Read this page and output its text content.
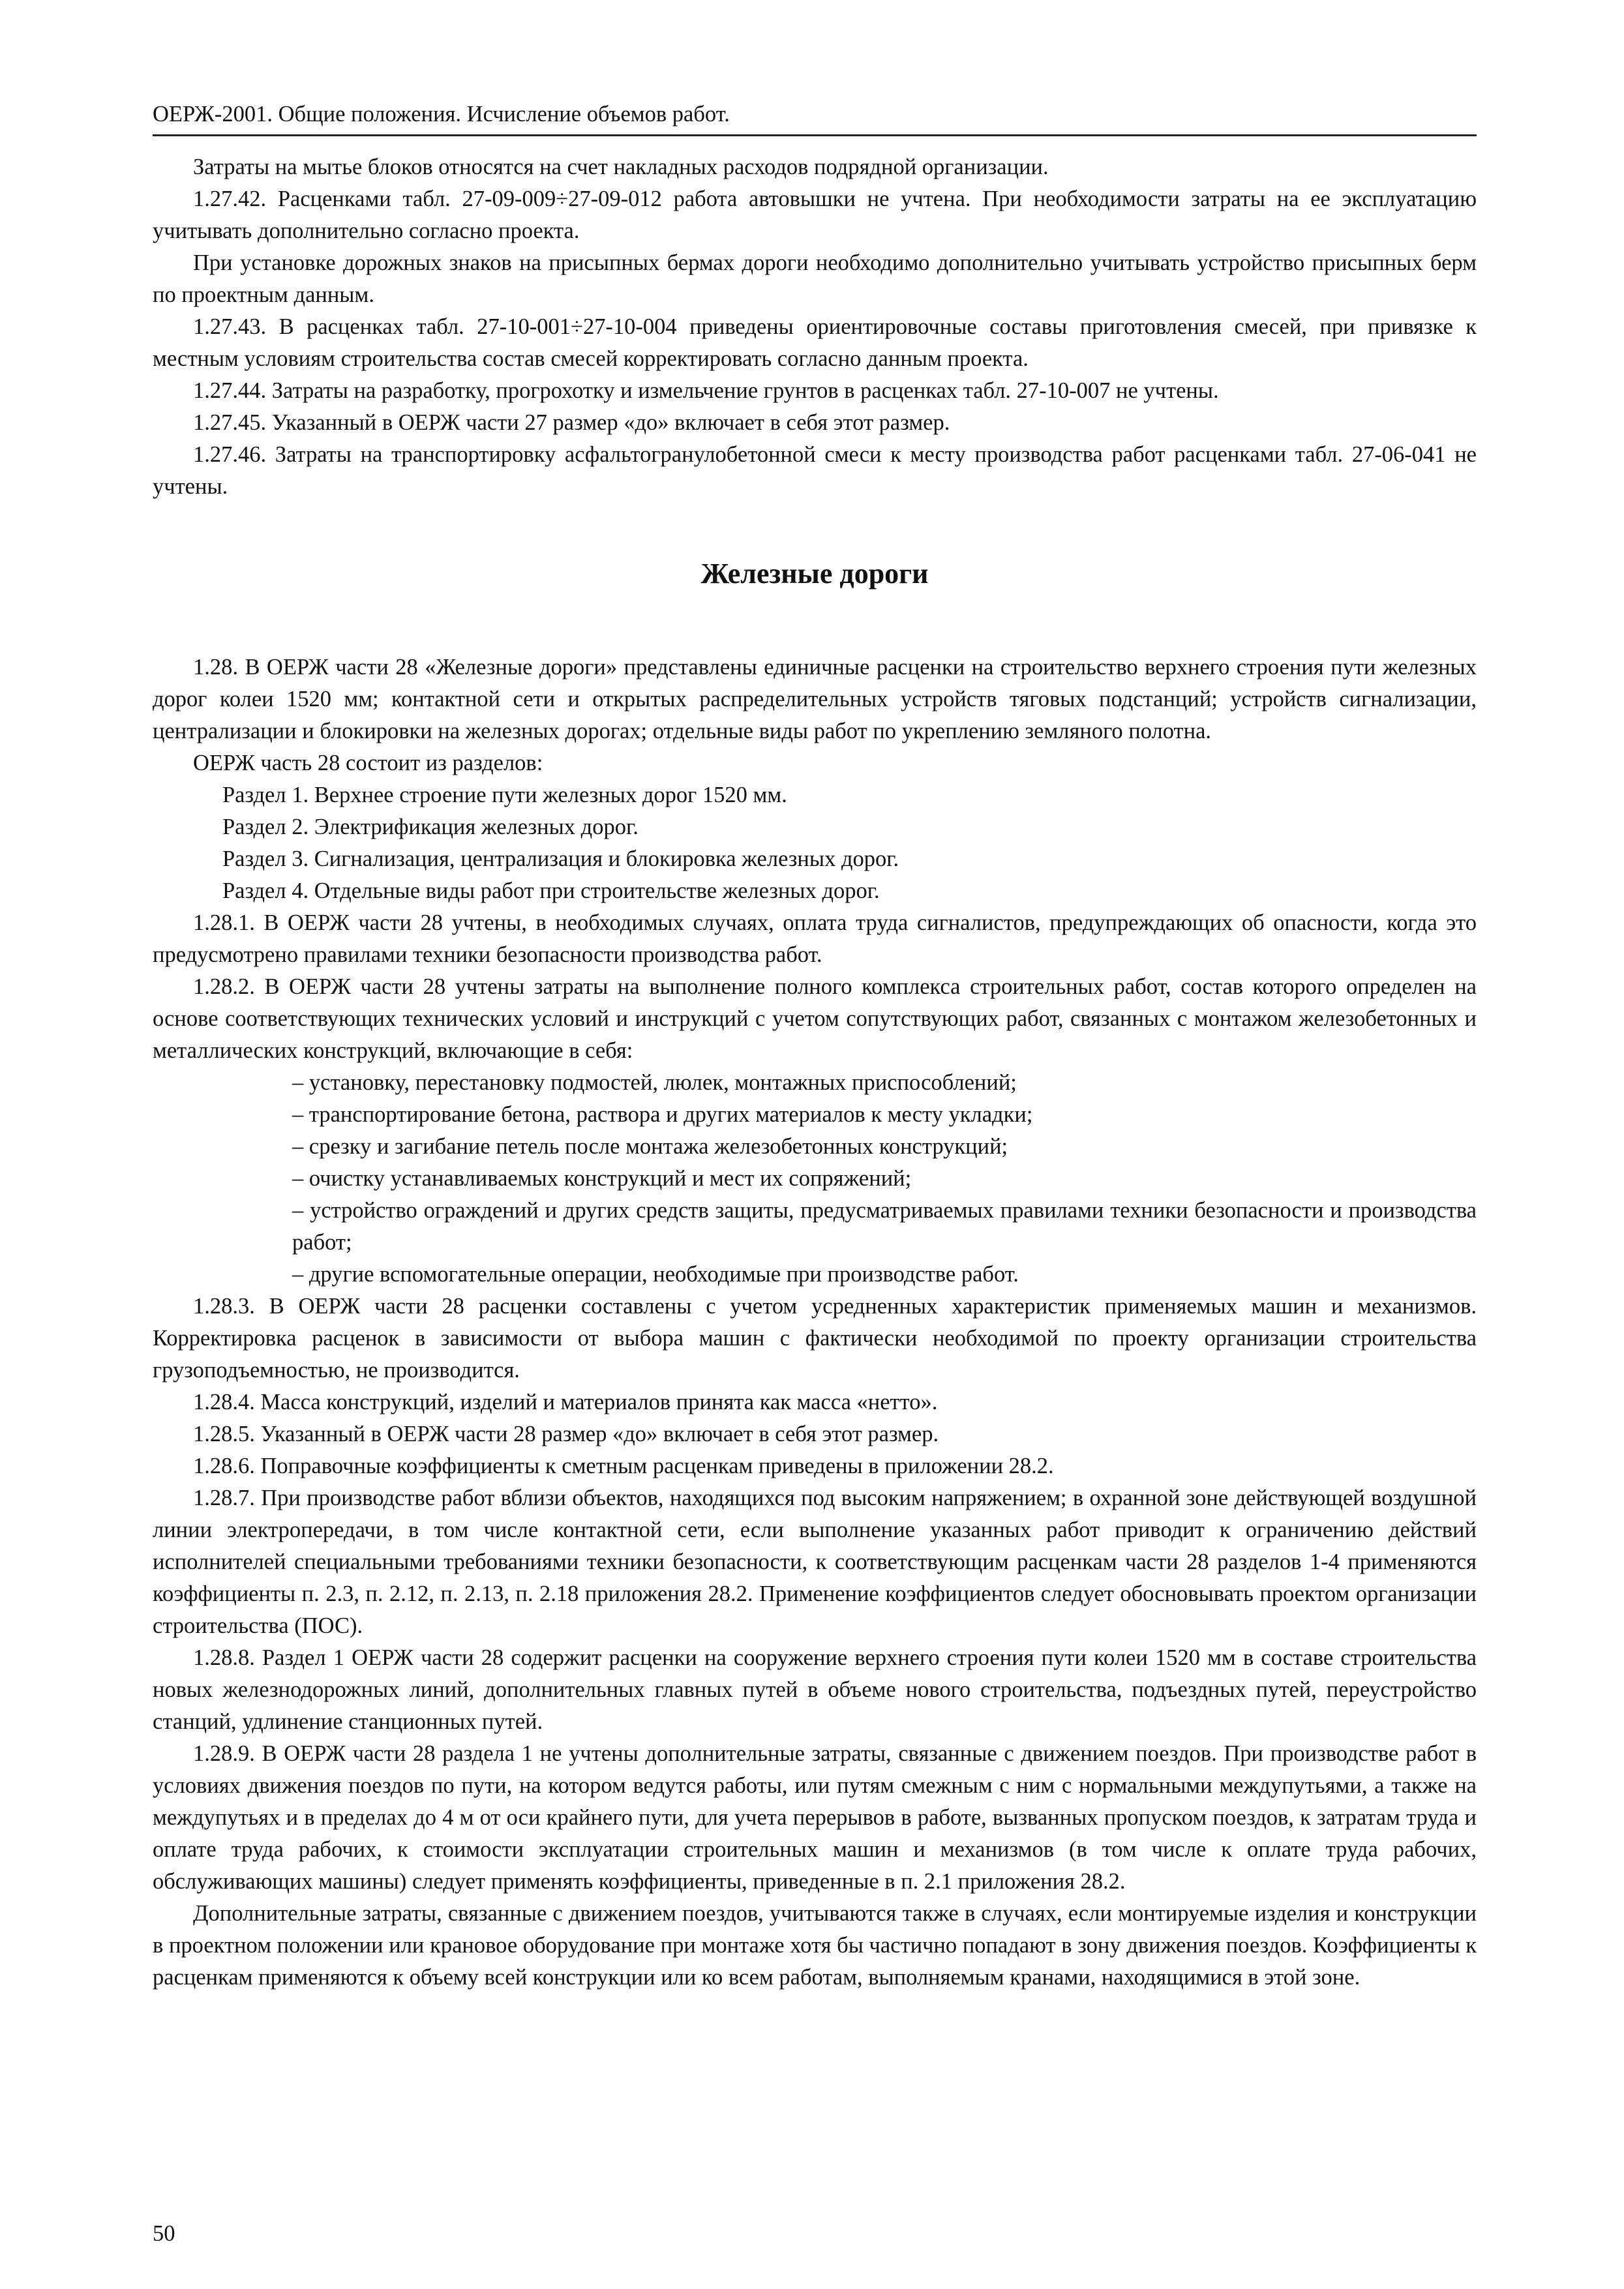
ОЕРЖ-2001. Общие положения. Исчисление объемов работ.

Затраты на мытье блоков относятся на счет накладных расходов подрядной организации.

1.27.42. Расценками табл. 27-09-009÷27-09-012 работа автовышки не учтена. При необходимости затраты на ее эксплуатацию учитывать дополнительно согласно проекта.

При установке дорожных знаков на присыпных бермах дороги необходимо дополнительно учитывать устройство присыпных берм по проектным данным.

1.27.43. В расценках табл. 27-10-001÷27-10-004 приведены ориентировочные составы приготовления смесей, при привязке к местным условиям строительства состав смесей корректировать согласно данным проекта.

1.27.44. Затраты на разработку, прогрохотку и измельчение грунтов в расценках табл. 27-10-007 не учтены.

1.27.45. Указанный в ОЕРЖ части 27 размер «до» включает в себя этот размер.

1.27.46. Затраты на транспортировку асфальтогранулобетонной смеси к месту производства работ расценками табл. 27-06-041 не учтены.

Железные дороги

1.28. В ОЕРЖ части 28 «Железные дороги» представлены единичные расценки на строительство верхнего строения пути железных дорог колеи 1520 мм; контактной сети и открытых распределительных устройств тяговых подстанций; устройств сигнализации, централизации и блокировки на железных дорогах; отдельные виды работ по укреплению земляного полотна.

ОЕРЖ часть 28 состоит из разделов:

Раздел 1. Верхнее строение пути железных дорог 1520 мм.

Раздел 2. Электрификация железных дорог.

Раздел 3. Сигнализация, централизация и блокировка железных дорог.

Раздел 4. Отдельные виды работ при строительстве железных дорог.

1.28.1. В ОЕРЖ части 28 учтены, в необходимых случаях, оплата труда сигналистов, предупреждающих об опасности, когда это предусмотрено правилами техники безопасности производства работ.

1.28.2. В ОЕРЖ части 28 учтены затраты на выполнение полного комплекса строительных работ, состав которого определен на основе соответствующих технических условий и инструкций с учетом сопутствующих работ, связанных с монтажом железобетонных и металлических конструкций, включающие в себя:

– установку, перестановку подмостей, люлек, монтажных приспособлений;

– транспортирование бетона, раствора и других материалов к месту укладки;

– срезку и загибание петель после монтажа железобетонных конструкций;

– очистку устанавливаемых конструкций и мест их сопряжений;

– устройство ограждений и других средств защиты, предусматриваемых правилами техники безопасности и производства работ;

– другие вспомогательные операции, необходимые при производстве работ.

1.28.3. В ОЕРЖ части 28 расценки составлены с учетом усредненных характеристик применяемых машин и механизмов. Корректировка расценок в зависимости от выбора машин с фактически необходимой по проекту организации строительства грузоподъемностью, не производится.

1.28.4. Масса конструкций, изделий и материалов принята как масса «нетто».

1.28.5. Указанный в ОЕРЖ части 28 размер «до» включает в себя этот размер.

1.28.6. Поправочные коэффициенты к сметным расценкам приведены в приложении 28.2.

1.28.7. При производстве работ вблизи объектов, находящихся под высоким напряжением; в охранной зоне действующей воздушной линии электропередачи, в том числе контактной сети, если выполнение указанных работ приводит к ограничению действий исполнителей специальными требованиями техники безопасности, к соответствующим расценкам части 28 разделов 1-4 применяются коэффициенты п. 2.3, п. 2.12, п. 2.13, п. 2.18 приложения 28.2. Применение коэффициентов следует обосновывать проектом организации строительства (ПОС).

1.28.8. Раздел 1 ОЕРЖ части 28 содержит расценки на сооружение верхнего строения пути колеи 1520 мм в составе строительства новых железнодорожных линий, дополнительных главных путей в объеме нового строительства, подъездных путей, переустройство станций, удлинение станционных путей.

1.28.9. В ОЕРЖ части 28 раздела 1 не учтены дополнительные затраты, связанные с движением поездов. При производстве работ в условиях движения поездов по пути, на котором ведутся работы, или путям смежным с ним с нормальными междупутьями, а также на междупутьях и в пределах до 4 м от оси крайнего пути, для учета перерывов в работе, вызванных пропуском поездов, к затратам труда и оплате труда рабочих, к стоимости эксплуатации строительных машин и механизмов (в том числе к оплате труда рабочих, обслуживающих машины) следует применять коэффициенты, приведенные в п. 2.1 приложения 28.2.

Дополнительные затраты, связанные с движением поездов, учитываются также в случаях, если монтируемые изделия и конструкции в проектном положении или крановое оборудование при монтаже хотя бы частично попадают в зону движения поездов. Коэффициенты к расценкам применяются к объему всей конструкции или ко всем работам, выполняемым кранами, находящимися в этой зоне.

50
